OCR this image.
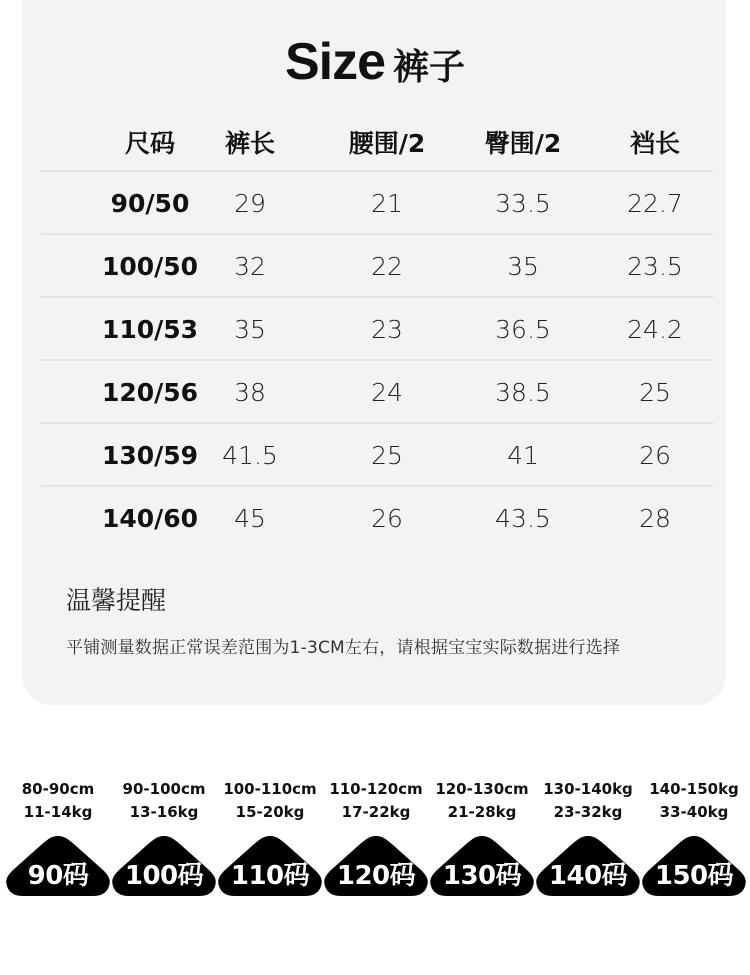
Size 裤子
尺码	裤长	腰围/2	臀围/2	裆长
90/50	29	21	33.5	22.7
100/50	32	22	35	23.5
110/53	35	23	36.5	24.2
120/56	38	24	38.5	25
130/59 41.5	25	41	26
140/60	45	26	43.5	28
温馨提醒
平铺测量数据正常误差范围为1-3CM左右，请根据宝宝实际数据进行选择
80-90cm
11-14kg
90码
90-100cm
13-16kg
100码
100-110cm
15-20kg
110码
110-120cm
17-22kg
120码
120-130cm
21-28kg
130码
130-140kg
23-32kg
140码
140-150kg
33-40kg
150码
